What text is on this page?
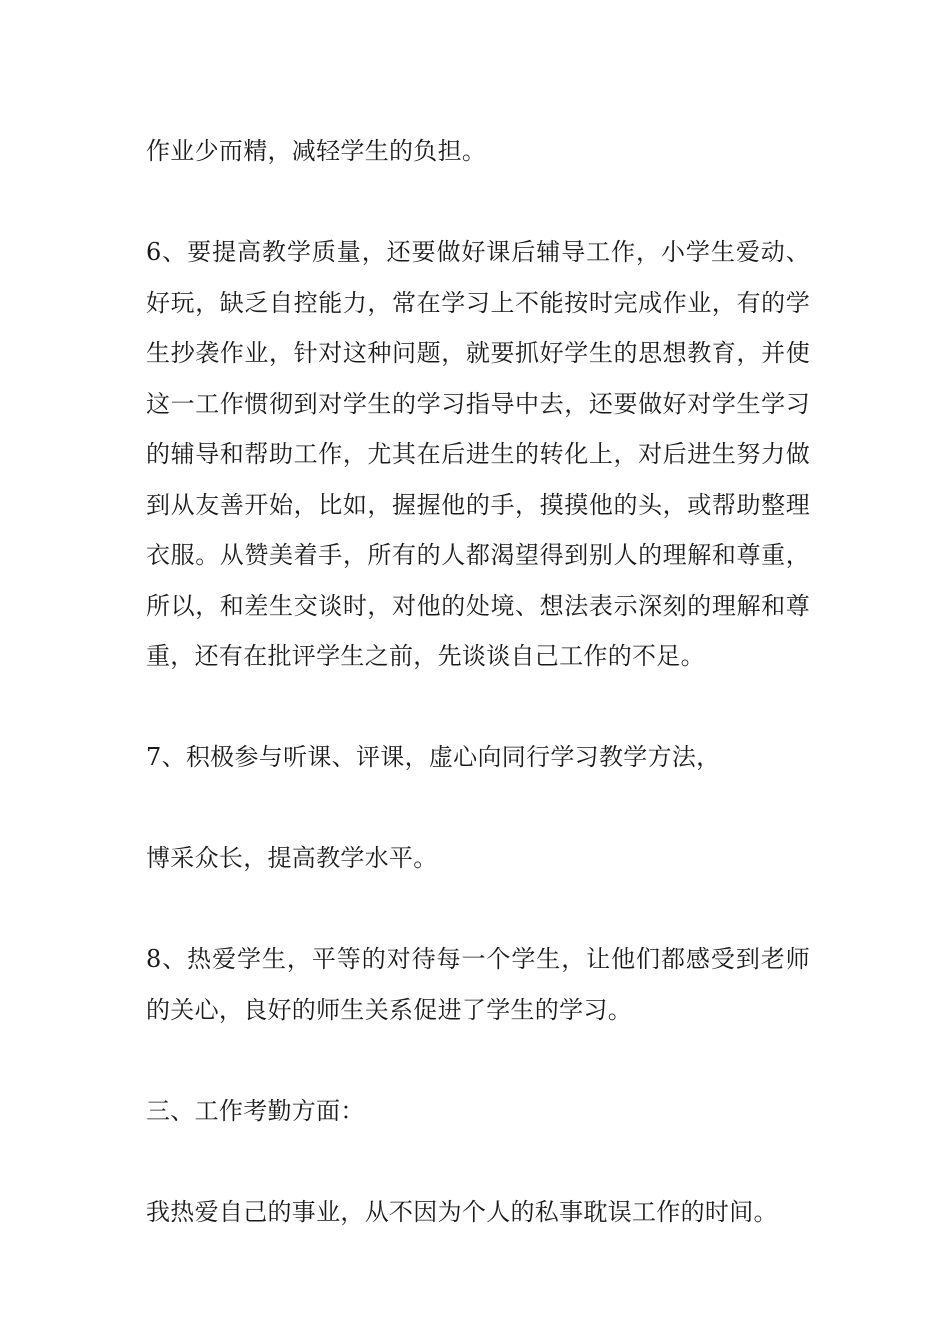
作业少而精，减轻学生的负担。

6、要提高教学质量，还要做好课后辅导工作，小学生爱动、好玩，缺乏自控能力，常在学习上不能按时完成作业，有的学生抄袭作业，针对这种问题，就要抓好学生的思想教育，并使这一工作惯彻到对学生的学习指导中去，还要做好对学生学习的辅导和帮助工作，尤其在后进生的转化上，对后进生努力做到从友善开始，比如，握握他的手，摸摸他的头，或帮助整理衣服。从赞美着手，所有的人都渴望得到别人的理解和尊重，所以，和差生交谈时，对他的处境、想法表示深刻的理解和尊重，还有在批评学生之前，先谈谈自己工作的不足。

7、积极参与听课、评课，虚心向同行学习教学方法，

博采众长，提高教学水平。

8、热爱学生，平等的对待每一个学生，让他们都感受到老师的关心，良好的师生关系促进了学生的学习。

三、工作考勤方面：

我热爱自己的事业，从不因为个人的私事耽误工作的时间。
